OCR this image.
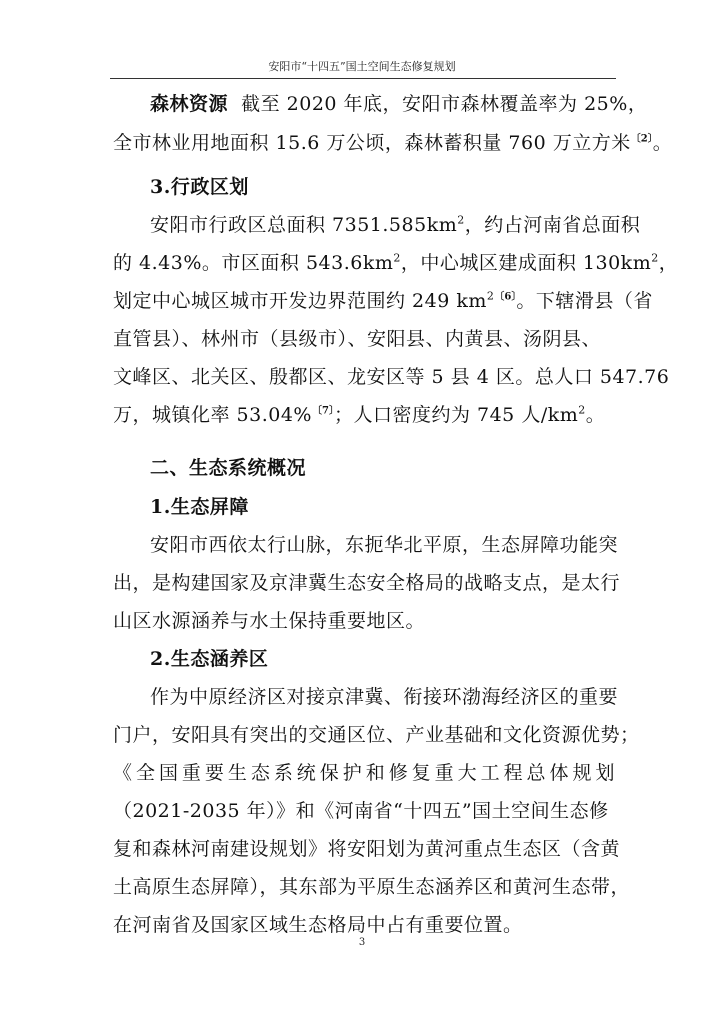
安阳市“十四五”国土空间生态修复规划
森林资源 截至 2020 年底，安阳市森林覆盖率为 25%，
全市林业用地面积 15.6 万公顷，森林蓄积量 760 万立方米$^{〔2〕}$。
3.行政区划
安阳市行政区总面积 $7351.585km^2$，约占河南省总面积
的 4.43%。市区面积 $543.6km^2$，中心城区建成面积 $130km^2$，
划定中心城区城市开发边界范围约 249 km$^{2〔6〕}$。下辖滑县（省
直管县）、林州市（县级市）、安阳县、内黄县、汤阴县、
文峰区、北关区、殷都区、龙安区等 5 县 4 区。总人口 547.76
万，城镇化率 53.04%$^{〔7〕}$；人口密度约为 745 人$/km^2$。
二、生态系统概况
1.生态屏障
安阳市西依太行山脉，东扼华北平原，生态屏障功能突
出，是构建国家及京津冀生态安全格局的战略支点，是太行
山区水源涵养与水土保持重要地区。
2.生态涵养区
作为中原经济区对接京津冀、衔接环渤海经济区的重要
门户，安阳具有突出的交通区位、产业基础和文化资源优势；
《全国重要生态系统保护和修复重大工程总体规划
（2021-2035 年）》和《河南省“十四五”国土空间生态修
复和森林河南建设规划》将安阳划为黄河重点生态区（含黄
土高原生态屏障），其东部为平原生态涵养区和黄河生态带，
在河南省及国家区域生态格局中占有重要位置。
3
